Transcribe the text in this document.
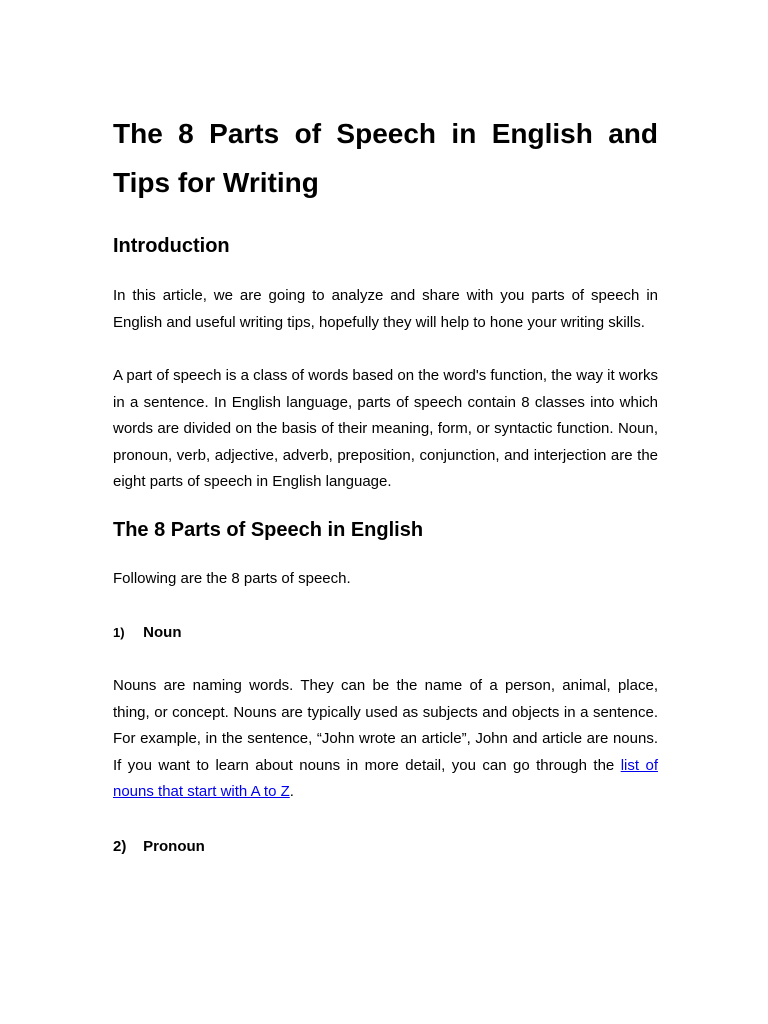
The 8 Parts of Speech in English and Tips for Writing
Introduction

In this article, we are going to analyze and share with you parts of speech in English and useful writing tips, hopefully they will help to hone your writing skills.

A part of speech is a class of words based on the word's function, the way it works in a sentence. In English language, parts of speech contain 8 classes into which words are divided on the basis of their meaning, form, or syntactic function. Noun, pronoun, verb, adjective, adverb, preposition, conjunction, and interjection are the eight parts of speech in English language.

The 8 Parts of Speech in English

Following are the 8 parts of speech.

1) Noun

Nouns are naming words. They can be the name of a person, animal, place, thing, or concept. Nouns are typically used as subjects and objects in a sentence. For example, in the sentence, “John wrote an article”, John and article are nouns. If you want to learn about nouns in more detail, you can go through the list of nouns that start with A to Z.

2) Pronoun
